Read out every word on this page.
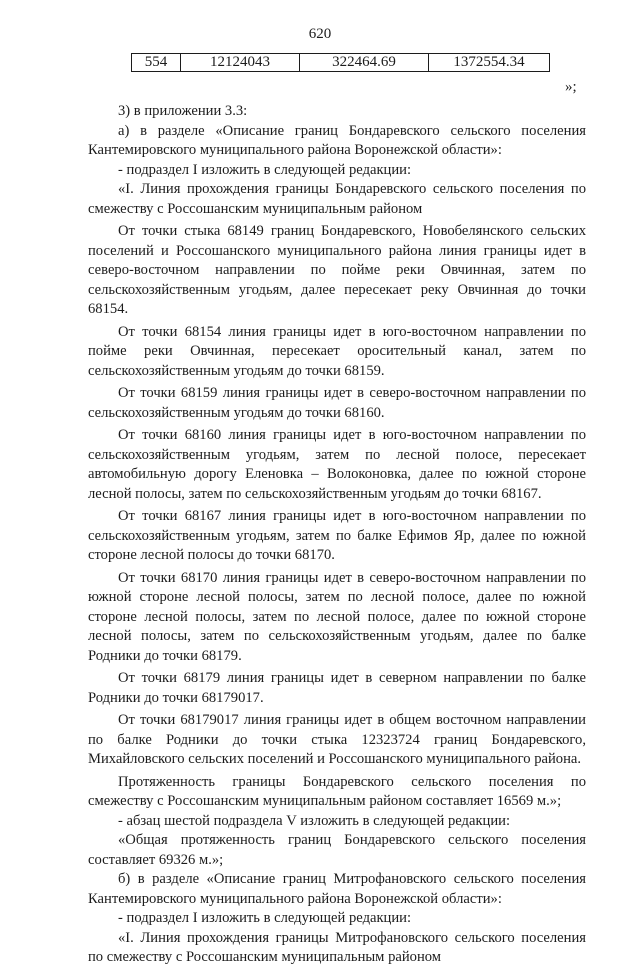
620
554	12124043	322464.69	1372554.34
»;

3) в приложении 3.3:

а) в разделе «Описание границ Бондаревского сельского поселения Кантемировского муниципального района Воронежской области»:

- подраздел I изложить в следующей редакции:

«I. Линия прохождения границы Бондаревского сельского поселения по смежеству с Россошанским муниципальным районом

От точки стыка 68149 границ Бондаревского, Новобелянского сельских поселений и Россошанского муниципального района линия границы идет в северо-восточном направлении по пойме реки Овчинная, затем по сельскохозяйственным угодьям, далее пересекает реку Овчинная до точки 68154.

От точки 68154 линия границы идет в юго-восточном направлении по пойме реки Овчинная, пересекает оросительный канал, затем по сельскохозяйственным угодьям до точки 68159.

От точки 68159 линия границы идет в северо-восточном направлении по сельскохозяйственным угодьям до точки 68160.

От точки 68160 линия границы идет в юго-восточном направлении по сельскохозяйственным угодьям, затем по лесной полосе, пересекает автомобильную дорогу Еленовка – Волоконовка, далее по южной стороне лесной полосы, затем по сельскохозяйственным угодьям до точки 68167.

От точки 68167 линия границы идет в юго-восточном направлении по сельскохозяйственным угодьям, затем по балке Ефимов Яр, далее по южной стороне лесной полосы до точки 68170.

От точки 68170 линия границы идет в северо-восточном направлении по южной стороне лесной полосы, затем по лесной полосе, далее по южной стороне лесной полосы, затем по лесной полосе, далее по южной стороне лесной полосы, затем по сельскохозяйственным угодьям, далее по балке Родники до точки 68179.

От точки 68179 линия границы идет в северном направлении по балке Родники до точки 68179017.

От точки 68179017 линия границы идет в общем восточном направлении по балке Родники до точки стыка 12323724 границ Бондаревского, Михайловского сельских поселений и Россошанского муниципального района.

Протяженность границы Бондаревского сельского поселения по смежеству с Россошанским муниципальным районом составляет 16569 м.»;

- абзац шестой подраздела V изложить в следующей редакции:

«Общая протяженность границ Бондаревского сельского поселения составляет 69326 м.»;

б) в разделе «Описание границ Митрофановского сельского поселения Кантемировского муниципального района Воронежской области»:

- подраздел I изложить в следующей редакции:

«I. Линия прохождения границы Митрофановского сельского поселения по смежеству с Россошанским муниципальным районом
